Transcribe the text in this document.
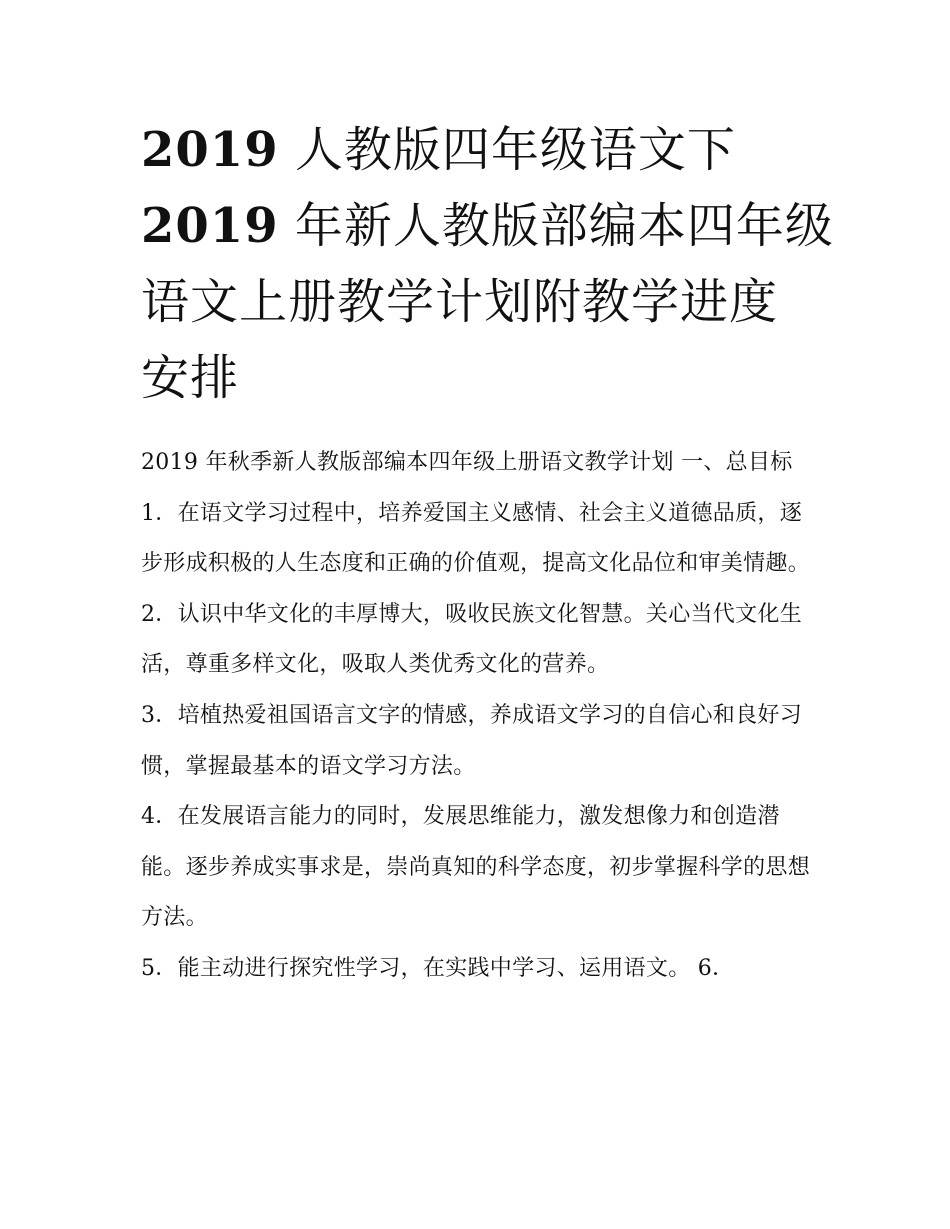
2019 人教版四年级语文下
2019 年新人教版部编本四年级
语文上册教学计划附教学进度
安排

2019 年秋季新人教版部编本四年级上册语文教学计划 一、总目标

1．在语文学习过程中，培养爱国主义感情、社会主义道德品质，逐步形成积极的人生态度和正确的价值观，提高文化品位和审美情趣。

2．认识中华文化的丰厚博大，吸收民族文化智慧。关心当代文化生活，尊重多样文化，吸取人类优秀文化的营养。

3．培植热爱祖国语言文字的情感，养成语文学习的自信心和良好习惯，掌握最基本的语文学习方法。

4．在发展语言能力的同时，发展思维能力，激发想像力和创造潜能。逐步养成实事求是，崇尚真知的科学态度，初步掌握科学的思想方法。

5．能主动进行探究性学习，在实践中学习、运用语文。 6．
